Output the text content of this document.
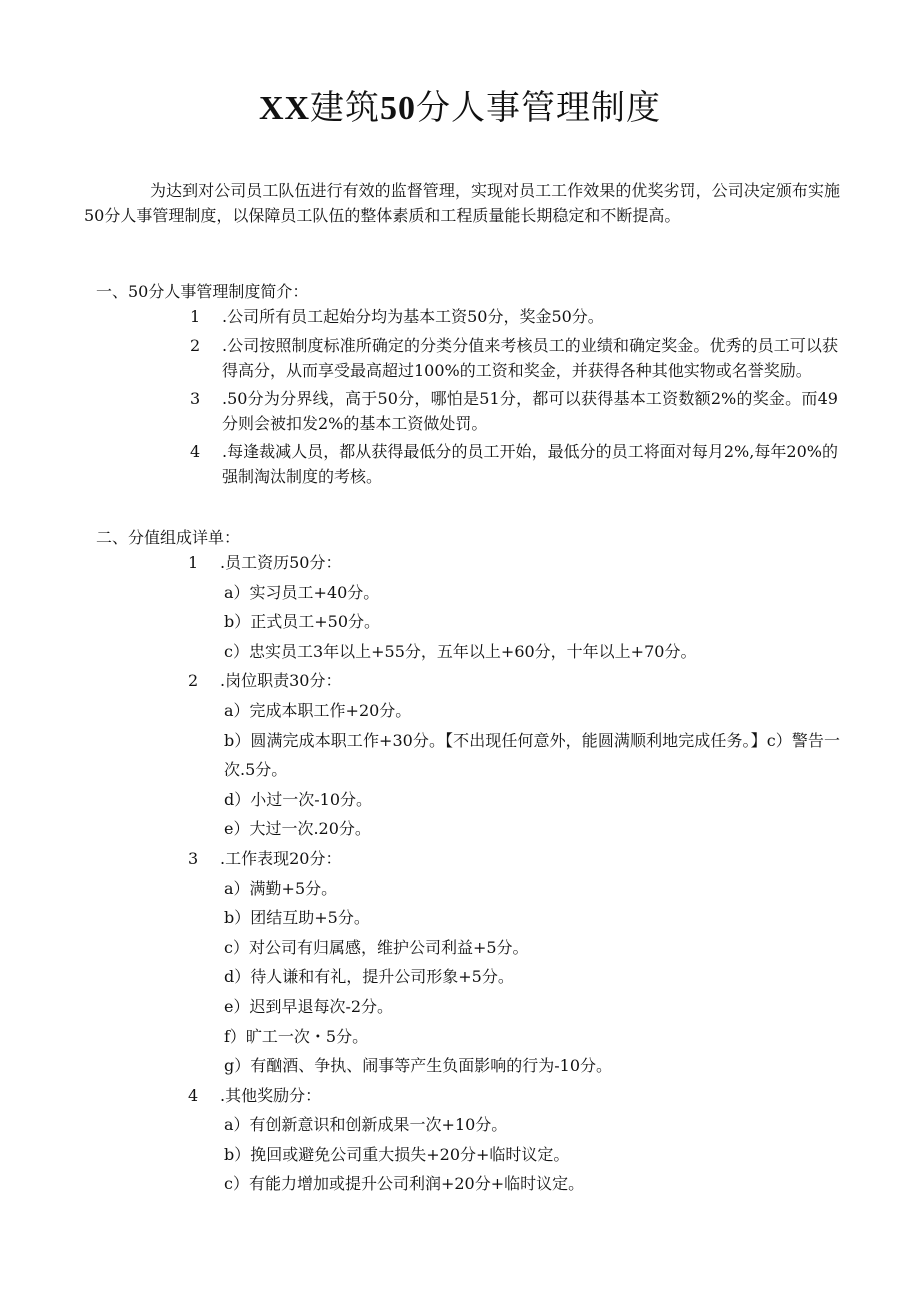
XX建筑50分人事管理制度

为达到对公司员工队伍进行有效的监督管理，实现对员工工作效果的优奖劣罚，公司决定颁布实施50分人事管理制度，以保障员工队伍的整体素质和工程质量能长期稳定和不断提高。

一、50分人事管理制度简介：

1	.公司所有员工起始分均为基本工资50分，奖金50分。
2	.公司按照制度标准所确定的分类分值来考核员工的业绩和确定奖金。优秀的员工可以获得高分，从而享受最高超过100%的工资和奖金，并获得各种其他实物或名誉奖励。
3	.50分为分界线，高于50分，哪怕是51分，都可以获得基本工资数额2%的奖金。而49分则会被扣发2%的基本工资做处罚。
4	.每逢裁减人员，都从获得最低分的员工开始，最低分的员工将面对每月2%,每年20%的强制淘汰制度的考核。

二、分值组成详单：

1	.员工资历50分：
a）实习员工+40分。
b）正式员工+50分。
c）忠实员工3年以上+55分，五年以上+60分，十年以上+70分。
2	.岗位职责30分：
a）完成本职工作+20分。
b）圆满完成本职工作+30分。【不出现任何意外，能圆满顺利地完成任务。】c）警告一次.5分。
d）小过一次-10分。
e）大过一次.20分。
3	.工作表现20分：
a）满勤+5分。
b）团结互助+5分。
c）对公司有归属感，维护公司利益+5分。
d）待人谦和有礼，提升公司形象+5分。
e）迟到早退每次-2分。
f）旷工一次・5分。
g）有酗酒、争执、闹事等产生负面影响的行为-10分。
4	.其他奖励分：
a）有创新意识和创新成果一次+10分。
b）挽回或避免公司重大损失+20分+临时议定。
c）有能力增加或提升公司利润+20分+临时议定。
